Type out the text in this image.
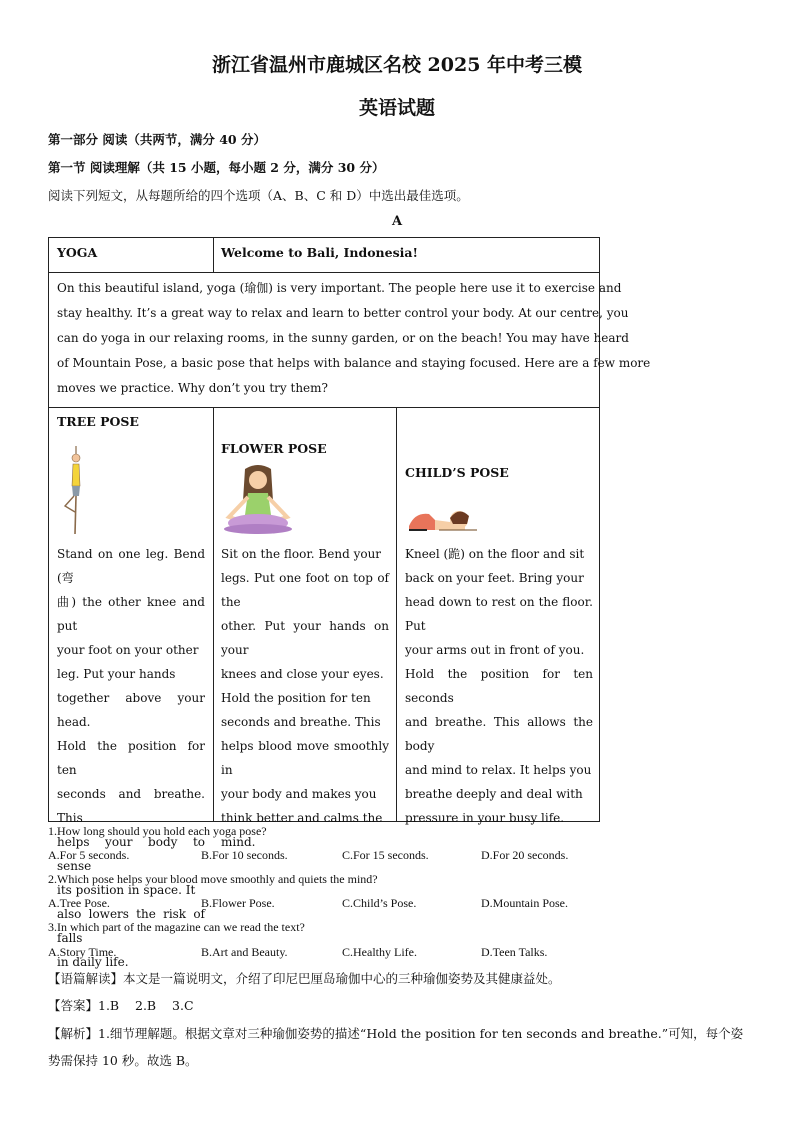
浙江省温州市鹿城区名校 2025 年中考三模
英语试题
第一部分 阅读（共两节，满分 40 分）
第一节 阅读理解（共 15 小题，每小题 2 分，满分 30 分）
阅读下列短文，从每题所给的四个选项（A、B、C 和 D）中选出最佳选项。
A
YOGA	Welcome to Bali, Indonesia!
On this beautiful island, yoga (瑜伽) is very important. The people here use it to exercise and
stay healthy. It’s a great way to relax and learn to better control your body. At our centre, you
can do yoga in our relaxing rooms, in the sunny garden, or on the beach! You may have heard
of Mountain Pose, a basic pose that helps with balance and staying focused. Here are a few more
moves we practice. Why don’t you try them?
TREE POSE
Stand on one leg. Bend (弯
曲) the other knee and put
your foot on your other
leg. Put your hands
together above your head.
Hold the position for ten
seconds and breathe. This
helps your body to sense
its position in space. It
also lowers the risk of falls
in daily life.
FLOWER POSE
Sit on the floor. Bend your
legs. Put one foot on top of the
other. Put your hands on your
knees and close your eyes.
Hold the position for ten
seconds and breathe. This
helps blood move smoothly in
your body and makes you
think better and calms the
mind.
CHILD’S POSE
Kneel (跪) on the floor and sit
back on your feet. Bring your
head down to rest on the floor. Put
your arms out in front of you.
Hold the position for ten seconds
and breathe. This allows the body
and mind to relax. It helps you
breathe deeply and deal with
pressure in your busy life.
1.How long should you hold each yoga pose?
A.For 5 seconds.	B.For 10 seconds.	C.For 15 seconds.	D.For 20 seconds.
2.Which pose helps your blood move smoothly and quiets the mind?
A.Tree Pose.	B.Flower Pose.	C.Child’s Pose.	D.Mountain Pose.
3.In which part of the magazine can we read the text?
A.Story Time.	B.Art and Beauty.	C.Healthy Life.	D.Teen Talks.
【语篇解读】本文是一篇说明文，介绍了印尼巴厘岛瑜伽中心的三种瑜伽姿势及其健康益处。
【答案】1.B    2.B    3.C
【解析】1.细节理解题。根据文章对三种瑜伽姿势的描述“Hold the position for ten seconds and breathe.”可知，每个姿
势需保持 10 秒。故选 B。
